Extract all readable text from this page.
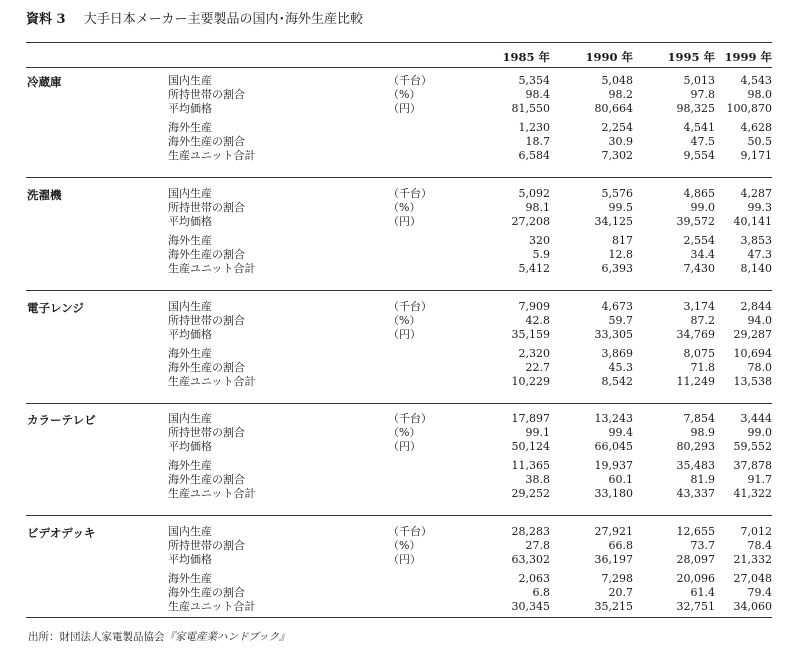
資料 3 大手日本メーカー主要製品の国内･海外生産比較
1985 年	1990 年	1995 年 1999 年
冷蔵庫	国内生産	（千台）	5,354	5,048	5,013	4,543
所持世帯の割合	（%）	98.4	98.2	97.8	98.0
平均価格	（円）	81,550	80,664	98,325	100,870
海外生産	1,230	2,254	4,541	4,628
海外生産の割合	18.7	30.9	47.5	50.5
生産ユニット合計	6,584	7,302	9,554	9,171
洗濯機	国内生産	（千台）	5,092	5,576	4,865	4,287
所持世帯の割合	（%）	98.1	99.5	99.0	99.3
平均価格	（円）	27,208	34,125	39,572	40,141
海外生産	320	817	2,554	3,853
海外生産の割合	5.9	12.8	34.4	47.3
生産ユニット合計	5,412	6,393	7,430	8,140
電子レンジ	国内生産	（千台）	7,909	4,673	3,174	2,844
所持世帯の割合	（%）	42.8	59.7	87.2	94.0
平均価格	（円）	35,159	33,305	34,769	29,287
海外生産	2,320	3,869	8,075	10,694
海外生産の割合	22.7	45.3	71.8	78.0
生産ユニット合計	10,229	8,542	11,249	13,538
カラーテレビ	国内生産	（千台）	17,897	13,243	7,854	3,444
所持世帯の割合	（%）	99.1	99.4	98.9	99.0
平均価格	（円）	50,124	66,045	80,293	59,552
海外生産	11,365	19,937	35,483	37,878
海外生産の割合	38.8	60.1	81.9	91.7
生産ユニット合計	29,252	33,180	43,337	41,322
ビデオデッキ	国内生産	（千台）	28,283	27,921	12,655	7,012
所持世帯の割合	（%）	27.8	66.8	73.7	78.4
平均価格	（円）	63,302	36,197	28,097	21,332
海外生産	2,063	7,298	20,096	27,048
海外生産の割合	6.8	20.7	61.4	79.4
生産ユニット合計	30,345	35,215	32,751	34,060
出所：財団法人家電製品協会『家電産業ハンドブック』
